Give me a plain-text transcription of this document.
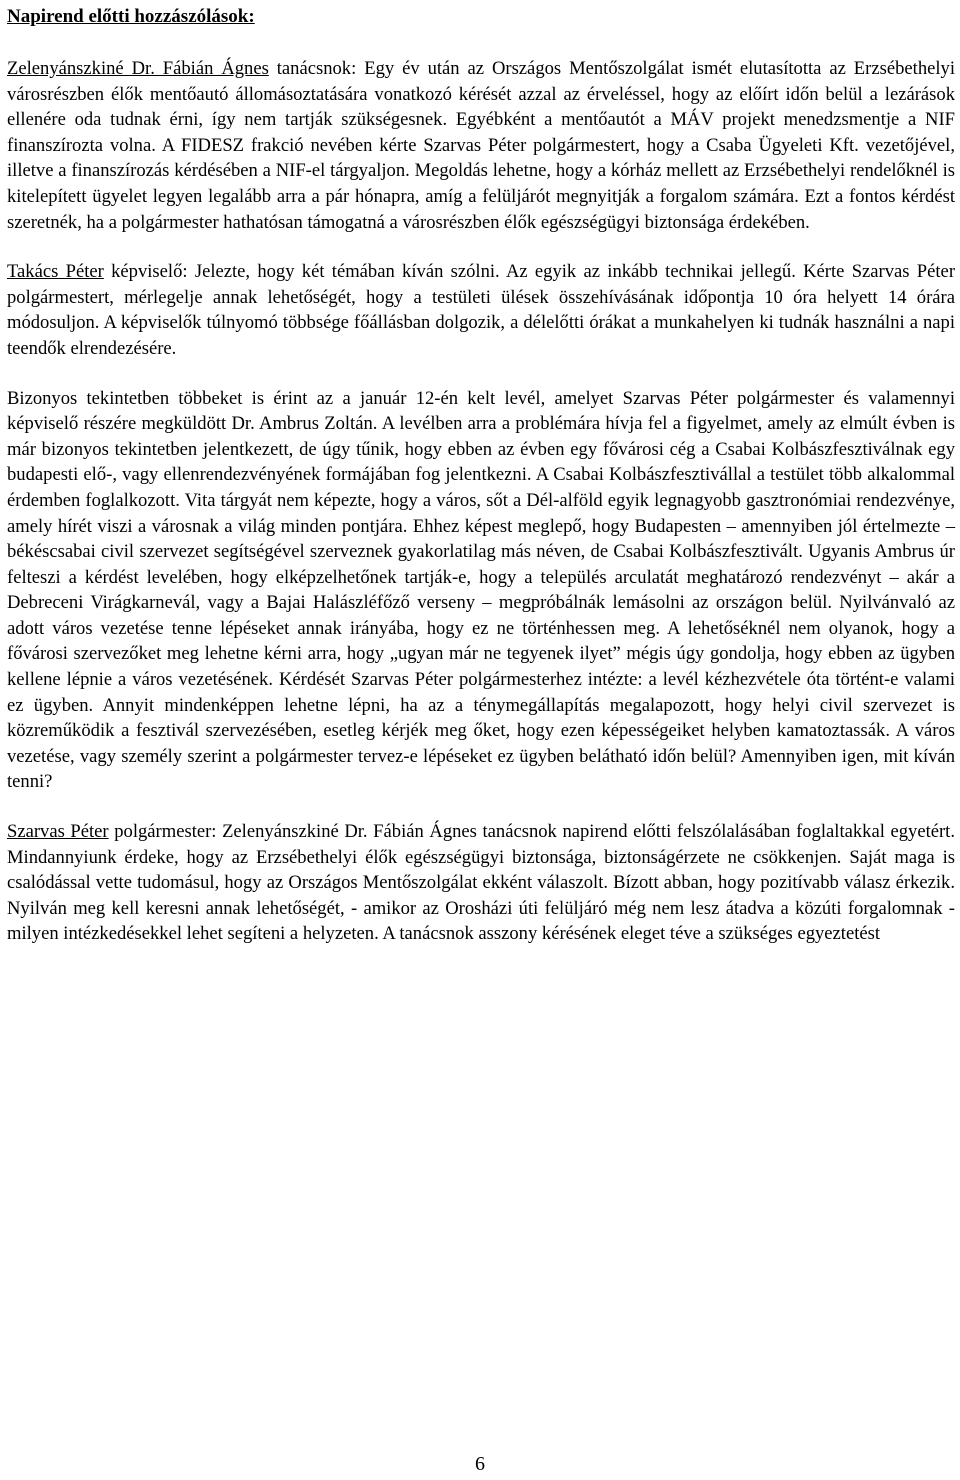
Napirend előtti hozzászólások:

Zelenyánszkiné Dr. Fábián Ágnes tanácsnok: Egy év után az Országos Mentőszolgálat ismét elutasította az Erzsébethelyi városrészben élők mentőautó állomásoztatására vonatkozó kérését azzal az érveléssel, hogy az előírt időn belül a lezárások ellenére oda tudnak érni, így nem tartják szükségesnek. Egyébként a mentőautót a MÁV projekt menedzsmentje a NIF finanszírozta volna. A FIDESZ frakció nevében kérte Szarvas Péter polgármestert, hogy a Csaba Ügyeleti Kft. vezetőjével, illetve a finanszírozás kérdésében a NIF-el tárgyaljon. Megoldás lehetne, hogy a kórház mellett az Erzsébethelyi rendelőknél is kitelepített ügyelet legyen legalább arra a pár hónapra, amíg a felüljárót megnyitják a forgalom számára. Ezt a fontos kérdést szeretnék, ha a polgármester hathatósan támogatná a városrészben élők egészségügyi biztonsága érdekében.

Takács Péter képviselő: Jelezte, hogy két témában kíván szólni. Az egyik az inkább technikai jellegű. Kérte Szarvas Péter polgármestert, mérlegelje annak lehetőségét, hogy a testületi ülések összehívásának időpontja 10 óra helyett 14 órára módosuljon. A képviselők túlnyomó többsége főállásban dolgozik, a délelőtti órákat a munkahelyen ki tudnák használni a napi teendők elrendezésére.

Bizonyos tekintetben többeket is érint az a január 12-én kelt levél, amelyet Szarvas Péter polgármester és valamennyi képviselő részére megküldött Dr. Ambrus Zoltán. A levélben arra a problémára hívja fel a figyelmet, amely az elmúlt évben is már bizonyos tekintetben jelentkezett, de úgy tűnik, hogy ebben az évben egy fővárosi cég a Csabai Kolbászfesztiválnak egy budapesti elő-, vagy ellenrendezvényének formájában fog jelentkezni. A Csabai Kolbászfesztivállal a testület több alkalommal érdemben foglalkozott. Vita tárgyát nem képezte, hogy a város, sőt a Dél-alföld egyik legnagyobb gasztronómiai rendezvénye, amely hírét viszi a városnak a világ minden pontjára. Ehhez képest meglepő, hogy Budapesten – amennyiben jól értelmezte – békéscsabai civil szervezet segítségével szerveznek gyakorlatilag más néven, de Csabai Kolbászfesztivált. Ugyanis Ambrus úr felteszi a kérdést levelében, hogy elképzelhetőnek tartják-e, hogy a település arculatát meghatározó rendezvényt – akár a Debreceni Virágkarnevál, vagy a Bajai Halászléfőző verseny – megpróbálnák lemásolni az országon belül. Nyilvánvaló az adott város vezetése tenne lépéseket annak irányába, hogy ez ne történhessen meg. A lehetőséknél nem olyanok, hogy a fővárosi szervezőket meg lehetne kérni arra, hogy „ugyan már ne tegyenek ilyet” mégis úgy gondolja, hogy ebben az ügyben kellene lépnie a város vezetésének. Kérdését Szarvas Péter polgármesterhez intézte: a levél kézhezvétele óta történt-e valami ez ügyben. Annyit mindenképpen lehetne lépni, ha az a ténymegállapítás megalapozott, hogy helyi civil szervezet is közreműködik a fesztivál szervezésében, esetleg kérjék meg őket, hogy ezen képességeiket helyben kamatoztassák. A város vezetése, vagy személy szerint a polgármester tervez-e lépéseket ez ügyben belátható időn belül? Amennyiben igen, mit kíván tenni?

Szarvas Péter polgármester: Zelenyánszkiné Dr. Fábián Ágnes tanácsnok napirend előtti felszólalásában foglaltakkal egyetért. Mindannyiunk érdeke, hogy az Erzsébethelyi élők egészségügyi biztonsága, biztonságérzete ne csökkenjen. Saját maga is csalódással vette tudomásul, hogy az Országos Mentőszolgálat ekként válaszolt. Bízott abban, hogy pozitívabb válasz érkezik. Nyilván meg kell keresni annak lehetőségét, - amikor az Orosházi úti felüljáró még nem lesz átadva a közúti forgalomnak - milyen intézkedésekkel lehet segíteni a helyzeten. A tanácsnok asszony kérésének eleget téve a szükséges egyeztetést

6
